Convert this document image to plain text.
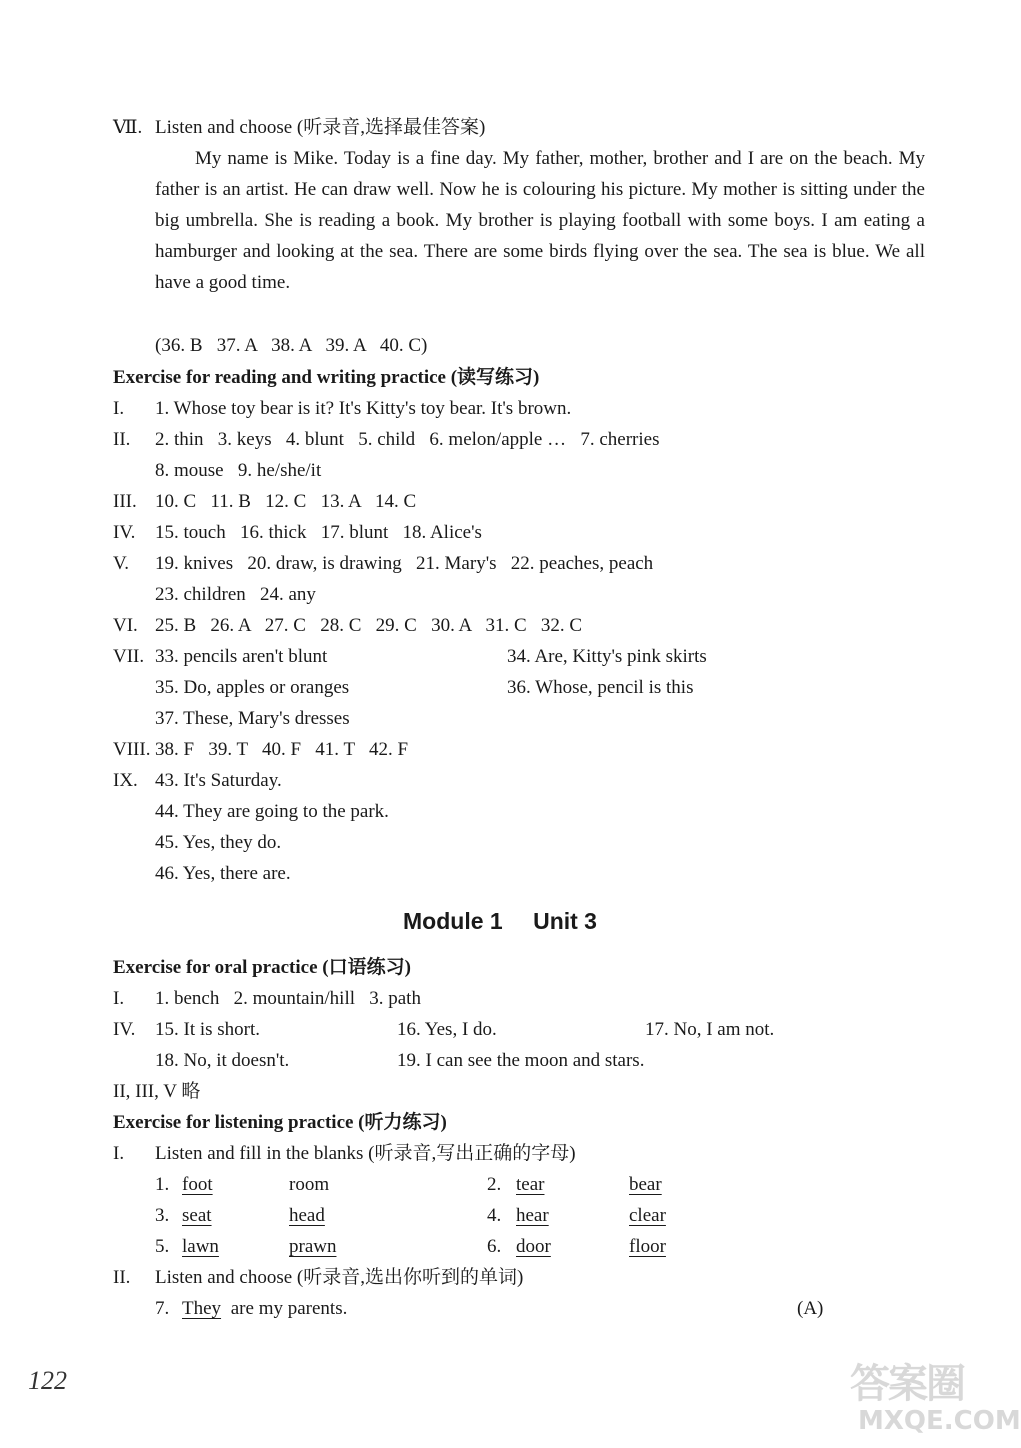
Ⅶ. Listen and choose (听录音,选择最佳答案)
My name is Mike. Today is a fine day. My father, mother, brother and I are on the beach. My father is an artist. He can draw well. Now he is colouring his picture. My mother is sitting under the big umbrella. She is reading a book. My brother is playing football with some boys. I am eating a hamburger and looking at the sea. There are some birds flying over the sea. The sea is blue. We all have a good time.
(36. B   37. A   38. A   39. A   40. C)
Exercise for reading and writing practice (读写练习)
I. 1. Whose toy bear is it? It's Kitty's toy bear. It's brown.
II. 2. thin   3. keys   4. blunt   5. child   6. melon/apple …   7. cherries
8. mouse   9. he/she/it
III. 10. C   11. B   12. C   13. A   14. C
IV. 15. touch   16. thick   17. blunt   18. Alice's
V. 19. knives   20. draw, is drawing   21. Mary's   22. peaches, peach
23. children   24. any
VI. 25. B   26. A   27. C   28. C   29. C   30. A   31. C   32. C
VII. 33. pencils aren't blunt	34. Are, Kitty's pink skirts
35. Do, apples or oranges	36. Whose, pencil is this
37. These, Mary's dresses
VIII. 38. F   39. T   40. F   41. T   42. F
IX. 43. It's Saturday.
44. They are going to the park.
45. Yes, they do.
46. Yes, there are.
Module 1 Unit 3
Exercise for oral practice (口语练习)
I. 1. bench   2. mountain/hill   3. path
IV. 15. It is short.	16. Yes, I do.	17. No, I am not.
18. No, it doesn't.	19. I can see the moon and stars.
II, III, V 略
Exercise for listening practice (听力练习)
I. Listen and fill in the blanks (听录音,写出正确的字母)
1. foot	room	2. tear	bear
3. seat	head	4. hear	clear
5. lawn	prawn	6. door	floor
II. Listen and choose (听录音,选出你听到的单词)
7. They are my parents.	(A)
122	答案圈
MXQE.COM
